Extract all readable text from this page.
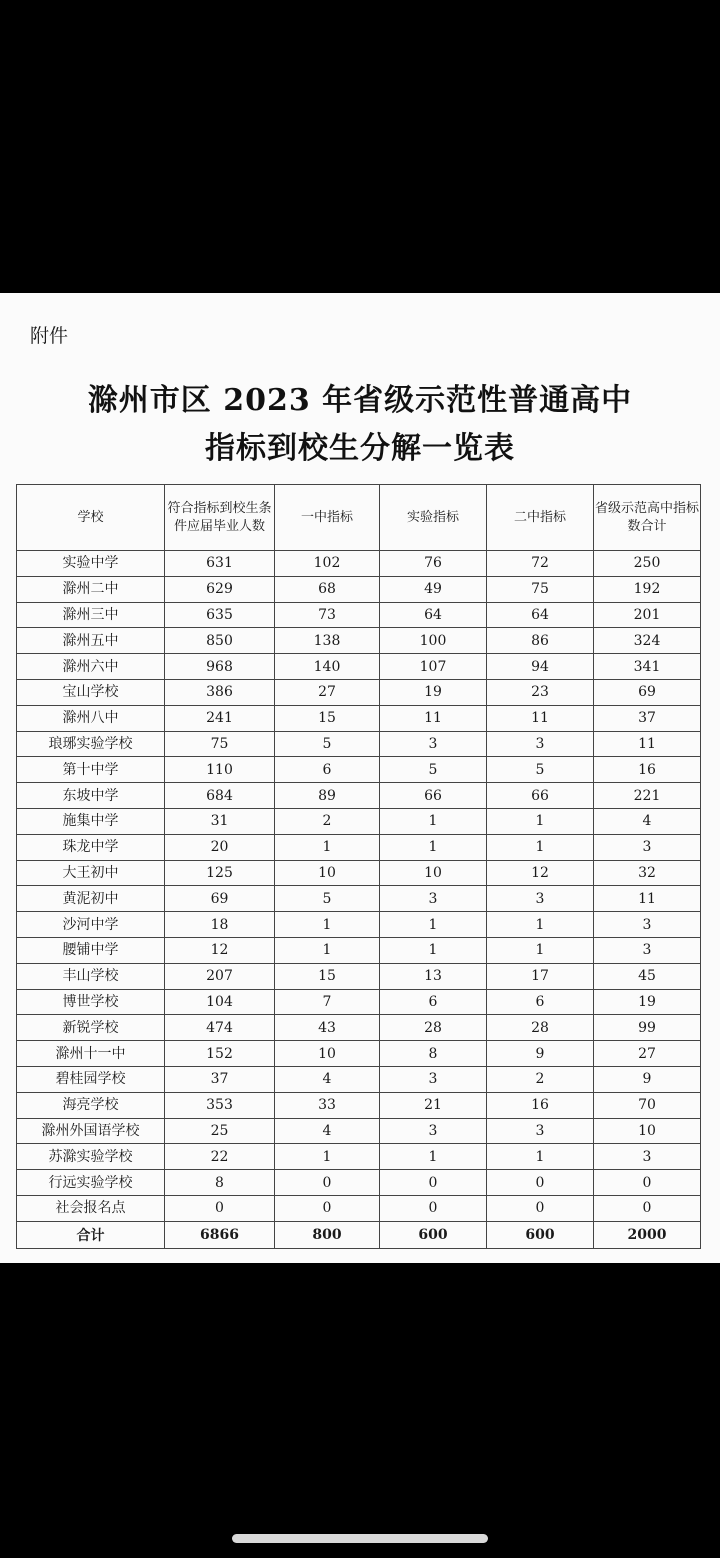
附件
滁州市区 2023 年省级示范性普通高中
指标到校生分解一览表
学校	符合指标到校生条件应届毕业人数	一中指标	实验指标	二中指标	省级示范高中指标数合计
实验中学	631	102	76	72	250
滁州二中	629	68	49	75	192
滁州三中	635	73	64	64	201
滁州五中	850	138	100	86	324
滁州六中	968	140	107	94	341
宝山学校	386	27	19	23	69
滁州八中	241	15	11	11	37
琅琊实验学校	75	5	3	3	11
第十中学	110	6	5	5	16
东坡中学	684	89	66	66	221
施集中学	31	2	1	1	4
珠龙中学	20	1	1	1	3
大王初中	125	10	10	12	32
黄泥初中	69	5	3	3	11
沙河中学	18	1	1	1	3
腰铺中学	12	1	1	1	3
丰山学校	207	15	13	17	45
博世学校	104	7	6	6	19
新锐学校	474	43	28	28	99
滁州十一中	152	10	8	9	27
碧桂园学校	37	4	3	2	9
海亮学校	353	33	21	16	70
滁州外国语学校	25	4	3	3	10
苏滁实验学校	22	1	1	1	3
行远实验学校	8	0	0	0	0
社会报名点	0	0	0	0	0
合计	6866	800	600	600	2000
